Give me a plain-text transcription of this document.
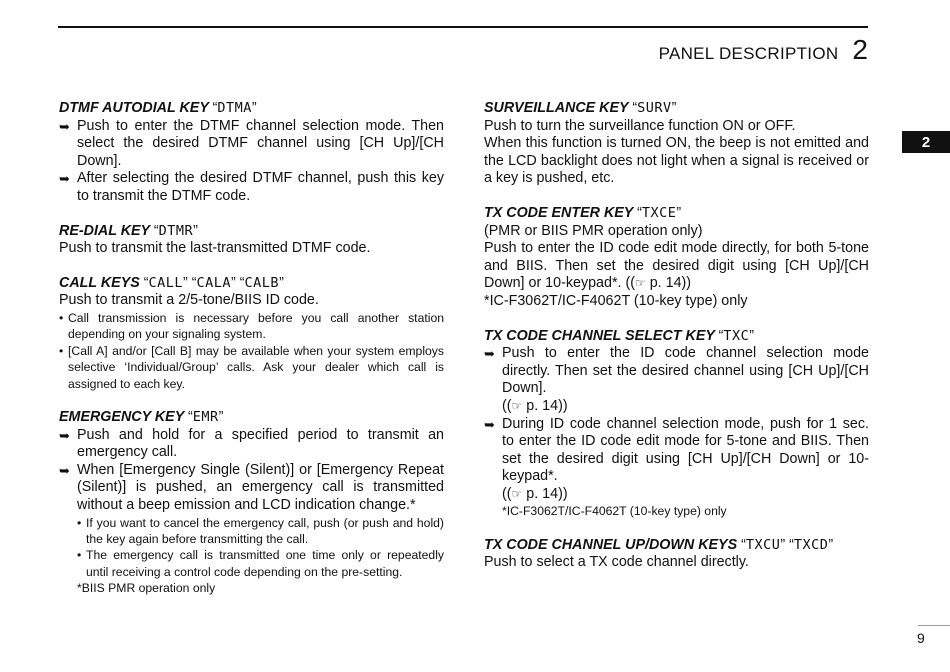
PANEL DESCRIPTION 2
2
DTMF AUTODIAL KEY “DTMA”
➥ Push to enter the DTMF channel selection mode. Then select the desired DTMF channel using [CH Up]/[CH Down].
➥ After selecting the desired DTMF channel, push this key to transmit the DTMF code.
RE-DIAL KEY “DTMR”
Push to transmit the last-transmitted DTMF code.
CALL KEYS “CALL” “CALA” “CALB”
Push to transmit a 2/5-tone/BIIS ID code.
• Call transmission is necessary before you call another station depending on your signaling system.
• [Call A] and/or [Call B] may be available when your system employs selective ‘Individual/Group’ calls. Ask your dealer which call is assigned to each key.
EMERGENCY KEY “EMR”
➥ Push and hold for a specified period to transmit an emergency call.
➥ When [Emergency Single (Silent)] or [Emergency Repeat (Silent)] is pushed, an emergency call is transmitted without a beep emission and LCD indication change.*
• If you want to cancel the emergency call, push (or push and hold) the key again before transmitting the call.
• The emergency call is transmitted one time only or repeatedly until receiving a control code depending on the pre-setting.
*BIIS PMR operation only
SURVEILLANCE KEY “SURV”
Push to turn the surveillance function ON or OFF.
When this function is turned ON, the beep is not emitted and the LCD backlight does not light when a signal is received or a key is pushed, etc.
TX CODE ENTER KEY “TXCE”
(PMR or BIIS PMR operation only)
Push to enter the ID code edit mode directly, for both 5-tone and BIIS. Then set the desired digit using [CH Up]/[CH Down] or 10-keypad*. ((☞ p. 14))
*IC-F3062T/IC-F4062T (10-key type) only
TX CODE CHANNEL SELECT KEY “TXC”
➥ Push to enter the ID code channel selection mode directly. Then set the desired channel using [CH Up]/[CH Down].
((☞ p. 14))
➥ During ID code channel selection mode, push for 1 sec. to enter the ID code edit mode for 5-tone and BIIS. Then set the desired digit using [CH Up]/[CH Down] or 10-keypad*.
((☞ p. 14))
*IC-F3062T/IC-F4062T (10-key type) only
TX CODE CHANNEL UP/DOWN KEYS “TXCU” “TXCD”
Push to select a TX code channel directly.
9
